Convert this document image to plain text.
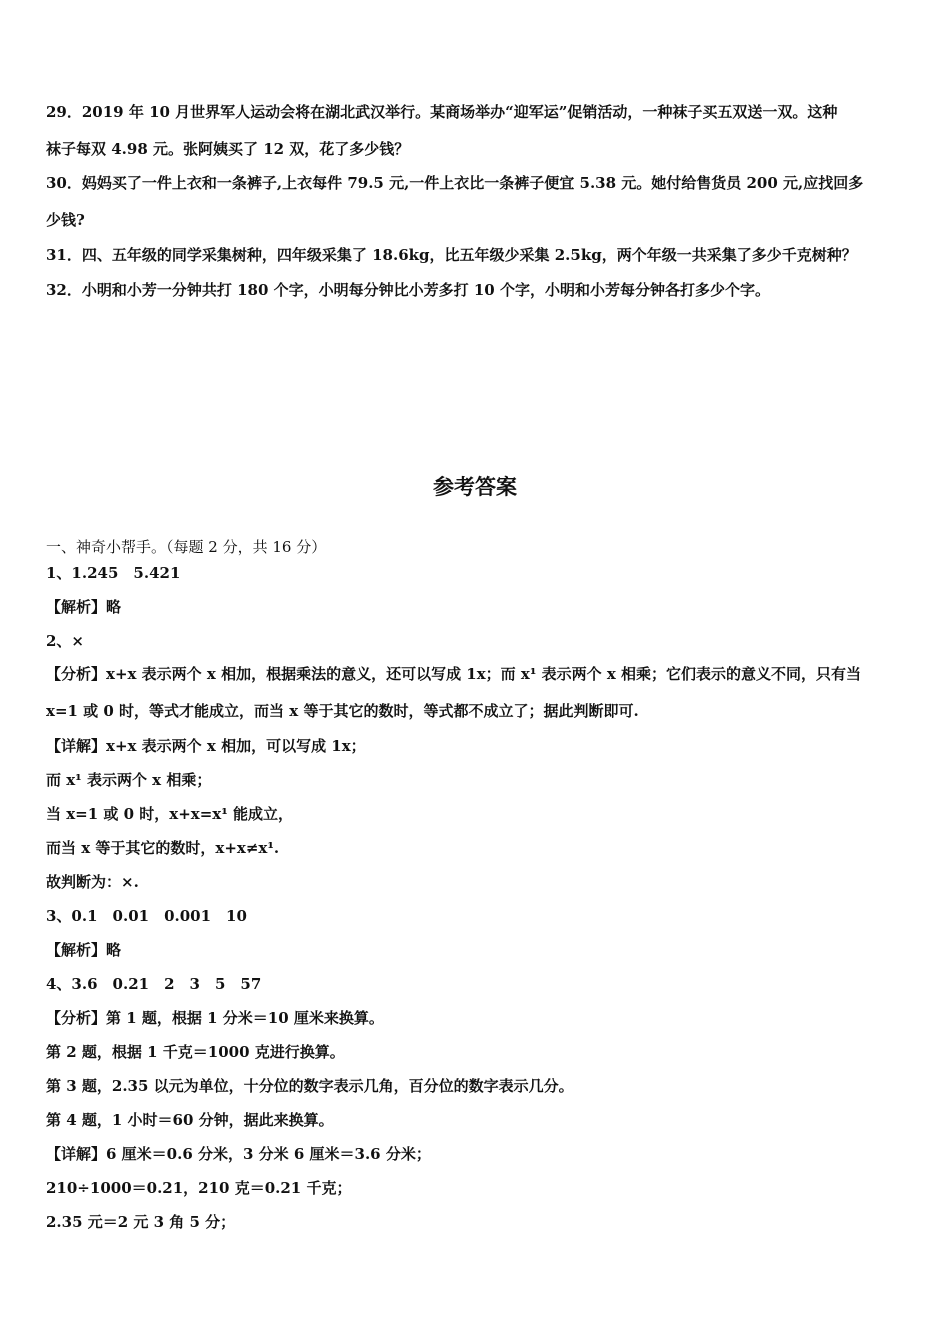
29．2019 年 10 月世界军人运动会将在湖北武汉举行。某商场举办“迎军运”促销活动，一种袜子买五双送一双。这种

袜子每双 4.98 元。张阿姨买了 12 双，花了多少钱？

30．妈妈买了一件上衣和一条裤子,上衣每件 79.5 元,一件上衣比一条裤子便宜 5.38 元。她付给售货员 200 元,应找回多

少钱?

31．四、五年级的同学采集树种，四年级采集了 18.6kg，比五年级少采集 2.5kg，两个年级一共采集了多少千克树种？

32．小明和小芳一分钟共打 180 个字，小明每分钟比小芳多打 10 个字，小明和小芳每分钟各打多少个字。

参考答案

一、神奇小帮手。（每题 2 分，共 16 分）

1、1.245　5.421

【解析】略

2、×

【分析】x+x 表示两个 x 相加，根据乘法的意义，还可以写成 1x；而 x¹ 表示两个 x 相乘；它们表示的意义不同，只有当

x=1 或 0 时，等式才能成立，而当 x 等于其它的数时，等式都不成立了；据此判断即可.

【详解】x+x 表示两个 x 相加，可以写成 1x；

而 x¹ 表示两个 x 相乘；

当 x=1 或 0 时，x+x=x¹ 能成立，

而当 x 等于其它的数时，x+x≠x¹.

故判断为：×.

3、0.1　0.01　0.001　10

【解析】略

4、3.6　0.21　2　3　5　57

【分析】第 1 题，根据 1 分米＝10 厘米来换算。

第 2 题，根据 1 千克＝1000 克进行换算。

第 3 题，2.35 以元为单位，十分位的数字表示几角，百分位的数字表示几分。

第 4 题，1 小时＝60 分钟，据此来换算。

【详解】6 厘米＝0.6 分米，3 分米 6 厘米＝3.6 分米；

210÷1000＝0.21，210 克＝0.21 千克；

2.35 元＝2 元 3 角 5 分；
